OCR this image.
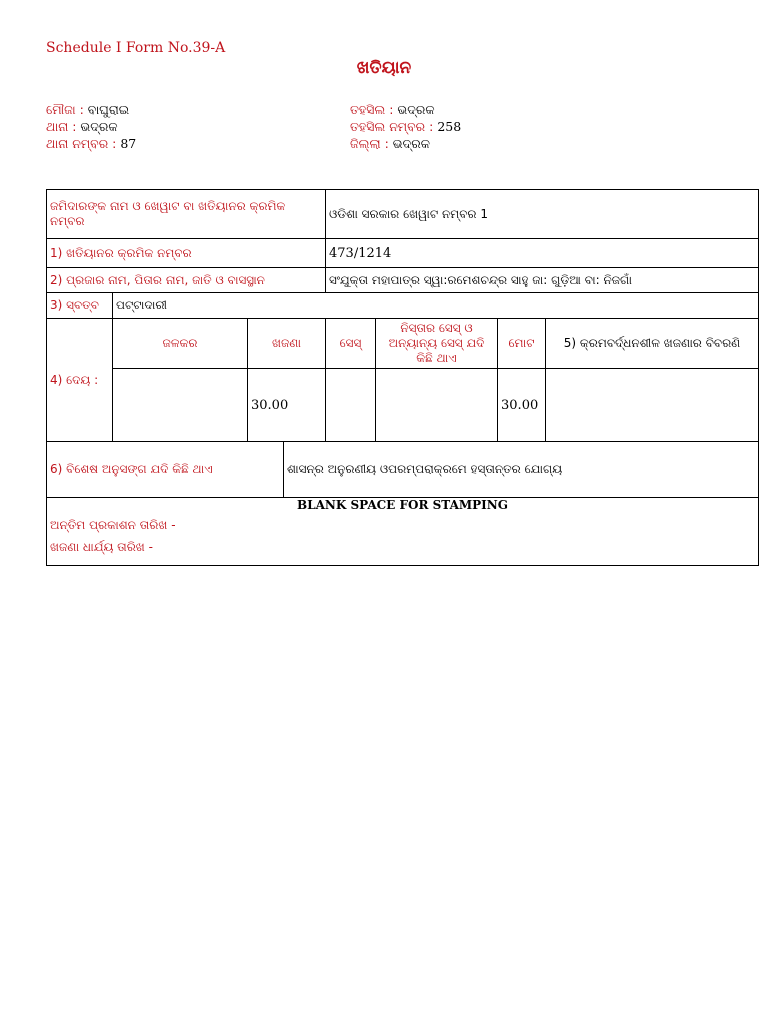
Schedule I Form No.39-A
ଖତିୟାନ
ମୌଜା : ବାଘୁରାଇ
ଥାନା : ଭଦ୍ରକ
ଥାନା ନମ୍ବର : 87
ତହସିଲ : ଭଦ୍ରକ
ତହସିଲ ନମ୍ବର : 258
ଜିଲ୍ଲା : ଭଦ୍ରକ
ଜମିଦାରଙ୍କ ନାମ ଓ ଖେୱାଟ ବା ଖତିୟାନର କ୍ରମିକ ନମ୍ବର				ଓଡିଶା ସରକାର ଖେୱାଟ ନମ୍ବର 1			
1) ଖତିୟାନର କ୍ରମିକ ନମ୍ବର				473/1214			
2) ପ୍ରଜାର ନାମ, ପିତାର ନାମ, ଜାତି ଓ ବାସସ୍ଥାନ				ସଂଯୁକ୍ତା ମହାପାତ୍ର ସ୍ୱା:ରମେଶଚନ୍ଦ୍ର ସାହୁ ଜା: ଗୁଡ଼ିଆ ବା: ନିଜଗାଁ			
3) ସ୍ବତ୍ବ	ପଟ୍ଟାଦାରୀ						
4) ଦେୟ :	ଜଳକର	ଖଜଣା		ସେସ୍	ନିସ୍ତାର ସେସ୍ ଓ ଅନ୍ୟାନ୍ୟ ସେସ୍ ଯଦି କିଛି ଥାଏ	ମୋଟ	5) କ୍ରମବର୍ଦ୍ଧନଶୀଳ ଖଜଣାର ବିବରଣି
		30.00				30.00	
6) ବିଶେଷ ଅନୁସଙ୍ଗ ଯଦି କିଛି ଥାଏ			ଶାସନ୍ର ଅନୁରଣୀୟ ଓପରମ୍ପରାକ୍ରମେ ହସ୍ତାନ୍ତର ଯୋଗ୍ୟ				

BLANK SPACE FOR STAMPING
ଅନ୍ତିମ ପ୍ରକାଶନ ତାରିଖ -
ଖଜଣା ଧାର୍ଯ୍ୟ ତାରିଖ -							
